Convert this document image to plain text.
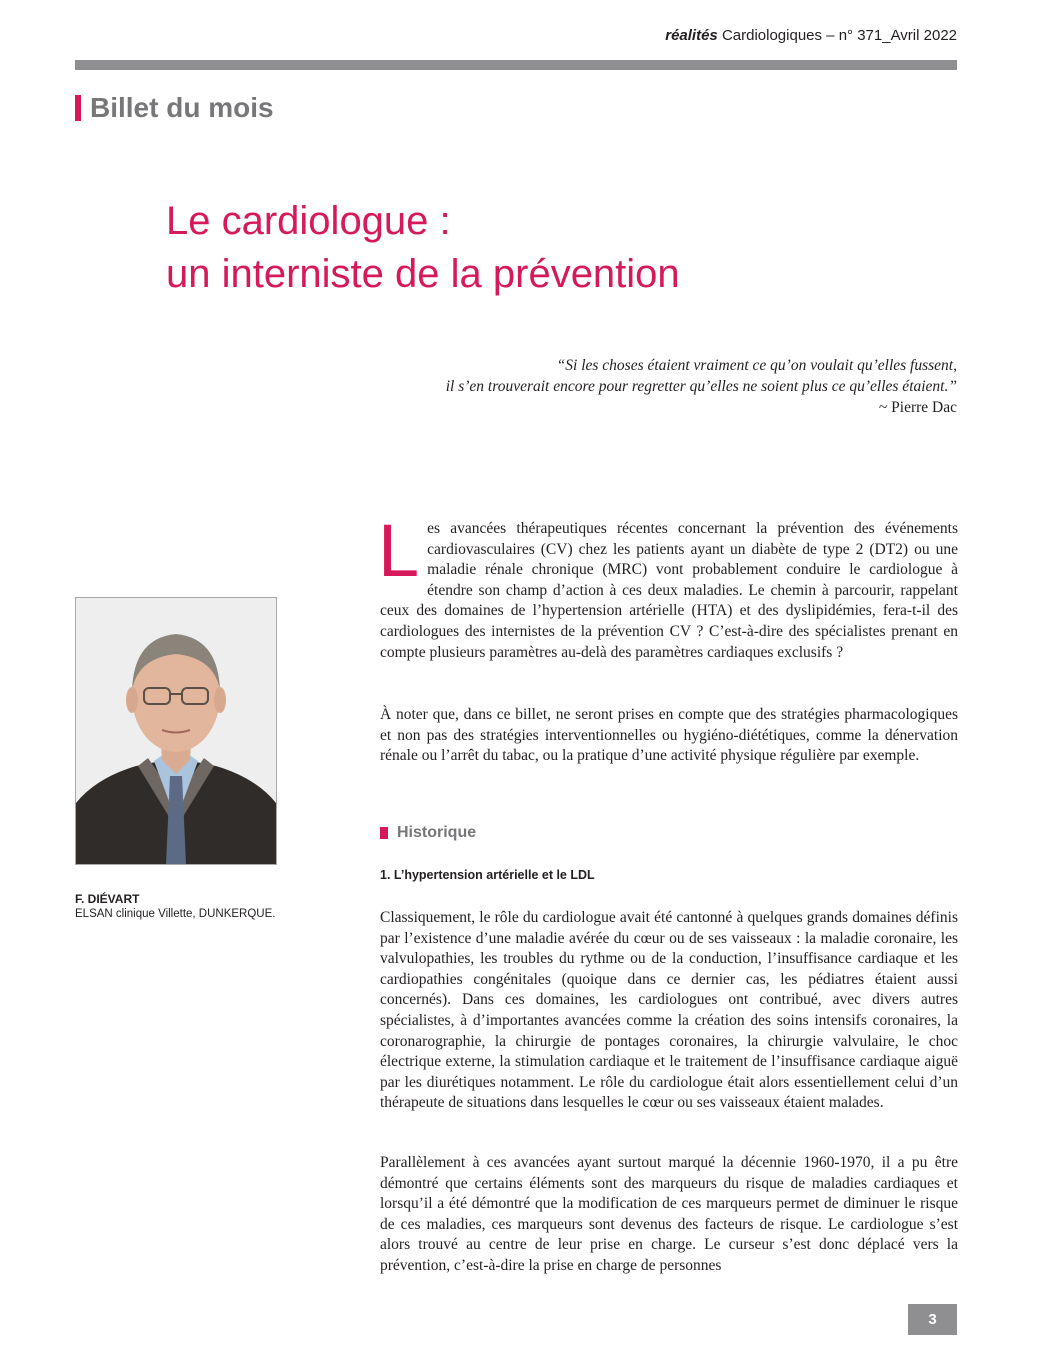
réalités Cardiologiques – n° 371_Avril 2022
Billet du mois
Le cardiologue :
un interniste de la prévention
“Si les choses étaient vraiment ce qu’on voulait qu’elles fussent,
il s’en trouverait encore pour regretter qu’elles ne soient plus ce qu’elles étaient.”
~ Pierre Dac
F. DIÉVART
ELSAN clinique Villette, DUNKERQUE.

Les avancées thérapeutiques récentes concernant la prévention des événements cardiovasculaires (CV) chez les patients ayant un diabète de type 2 (DT2) ou une maladie rénale chronique (MRC) vont probablement conduire le cardiologue à étendre son champ d’action à ces deux maladies. Le chemin à parcourir, rappelant ceux des domaines de l’hypertension artérielle (HTA) et des dyslipidémies, fera-t-il des cardiologues des internistes de la prévention CV ? C’est-à-dire des spécialistes prenant en compte plusieurs paramètres au-delà des paramètres cardiaques exclusifs ?

À noter que, dans ce billet, ne seront prises en compte que des stratégies pharmacologiques et non pas des stratégies interventionnelles ou hygiéno-diététiques, comme la dénervation rénale ou l’arrêt du tabac, ou la pratique d’une activité physique régulière par exemple.

Historique
1. L’hypertension artérielle et le LDL

Classiquement, le rôle du cardiologue avait été cantonné à quelques grands domaines définis par l’existence d’une maladie avérée du cœur ou de ses vaisseaux : la maladie coronaire, les valvulopathies, les troubles du rythme ou de la conduction, l’insuffisance cardiaque et les cardiopathies congénitales (quoique dans ce dernier cas, les pédiatres étaient aussi concernés). Dans ces domaines, les cardiologues ont contribué, avec divers autres spécialistes, à d’importantes avancées comme la création des soins intensifs coronaires, la coronarographie, la chirurgie de pontages coronaires, la chirurgie valvulaire, le choc électrique externe, la stimulation cardiaque et le traitement de l’insuffisance cardiaque aiguë par les diurétiques notamment. Le rôle du cardiologue était alors essentiellement celui d’un thérapeute de situations dans lesquelles le cœur ou ses vaisseaux étaient malades.

Parallèlement à ces avancées ayant surtout marqué la décennie 1960-1970, il a pu être démontré que certains éléments sont des marqueurs du risque de maladies cardiaques et lorsqu’il a été démontré que la modification de ces marqueurs permet de diminuer le risque de ces maladies, ces marqueurs sont devenus des facteurs de risque. Le cardiologue s’est alors trouvé au centre de leur prise en charge. Le curseur s’est donc déplacé vers la prévention, c’est-à-dire la prise en charge de personnes

3
